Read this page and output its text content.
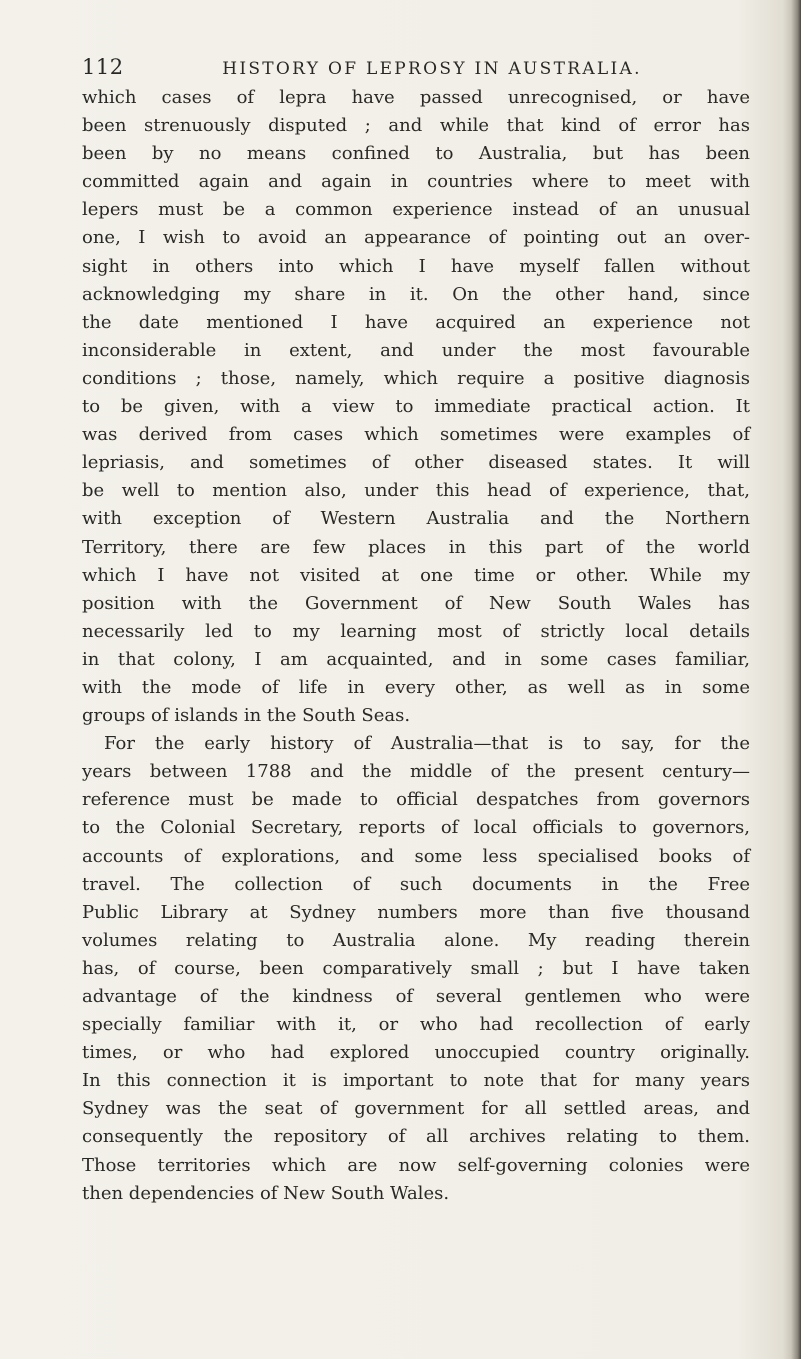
112	HISTORY OF LEPROSY IN AUSTRALIA.
which cases of lepra have passed unrecognised, or have
been strenuously disputed ; and while that kind of error has
been by no means confined to Australia, but has been
committed again and again in countries where to meet with
lepers must be a common experience instead of an unusual
one, I wish to avoid an appearance of pointing out an over-
sight in others into which I have myself fallen without
acknowledging my share in it. On the other hand, since
the date mentioned I have acquired an experience not
inconsiderable in extent, and under the most favourable
conditions ; those, namely, which require a positive diagnosis
to be given, with a view to immediate practical action. It
was derived from cases which sometimes were examples of
lepriasis, and sometimes of other diseased states. It will
be well to mention also, under this head of experience, that,
with exception of Western Australia and the Northern
Territory, there are few places in this part of the world
which I have not visited at one time or other. While my
position with the Government of New South Wales has
necessarily led to my learning most of strictly local details
in that colony, I am acquainted, and in some cases familiar,
with the mode of life in every other, as well as in some
groups of islands in the South Seas.
For the early history of Australia—that is to say, for the
years between 1788 and the middle of the present century—
reference must be made to official despatches from governors
to the Colonial Secretary, reports of local officials to governors,
accounts of explorations, and some less specialised books of
travel. The collection of such documents in the Free
Public Library at Sydney numbers more than five thousand
volumes relating to Australia alone. My reading therein
has, of course, been comparatively small ; but I have taken
advantage of the kindness of several gentlemen who were
specially familiar with it, or who had recollection of early
times, or who had explored unoccupied country originally.
In this connection it is important to note that for many years
Sydney was the seat of government for all settled areas, and
consequently the repository of all archives relating to them.
Those territories which are now self-governing colonies were
then dependencies of New South Wales.
